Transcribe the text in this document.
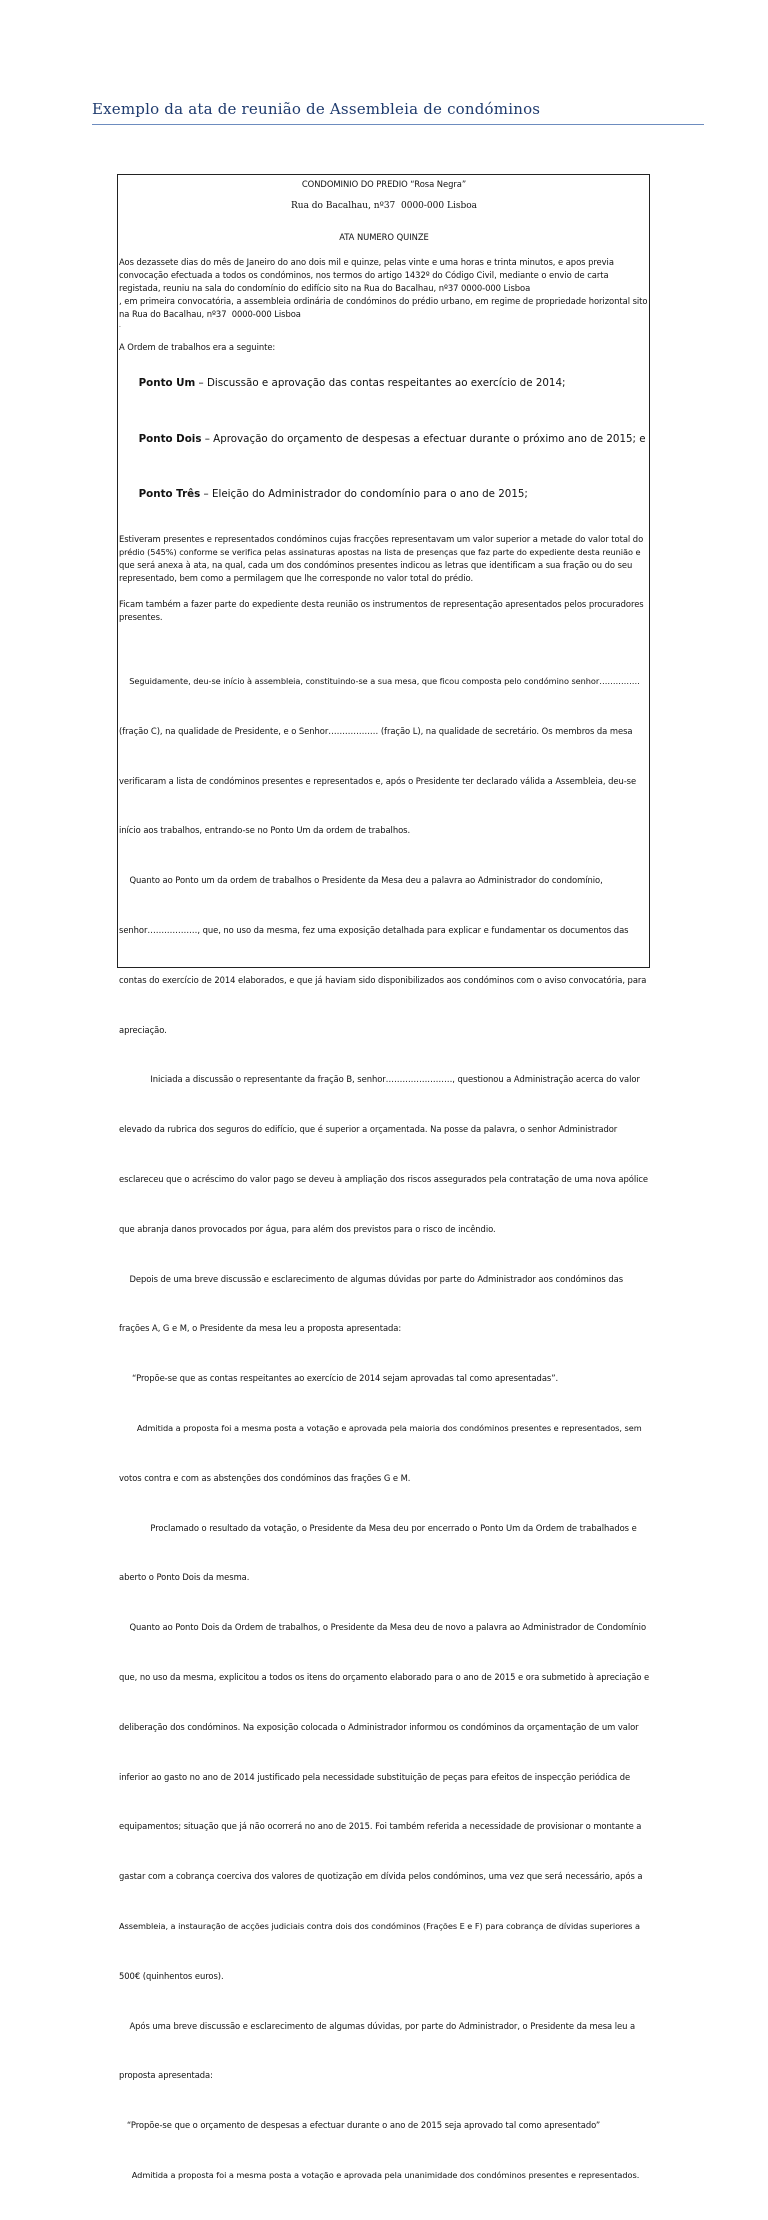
Exemplo da ata de reunião de Assembleia de condóminos

CONDOMINIO DO PREDIO “Rosa Negra”

Rua do Bacalhau, nº37  0000-000 Lisboa

ATA NUMERO QUINZE

Aos dezassete dias do mês de Janeiro do ano dois mil e quinze, pelas vinte e uma horas e trinta minutos, e apos previa

convocação efectuada a todos os condóminos, nos termos do artigo 1432º do Código Civil, mediante o envio de carta

registada, reuniu na sala do condomínio do edifício sito na Rua do Bacalhau, nº37 0000-000 Lisboa

, em primeira convocatória, a assembleia ordinária de condóminos do prédio urbano, em regime de propriedade horizontal sito

na Rua do Bacalhau, nº37  0000-000 Lisboa

.

A Ordem de trabalhos era a seguinte:

Ponto Um – Discussão e aprovação das contas respeitantes ao exercício de 2014;

Ponto Dois – Aprovação do orçamento de despesas a efectuar durante o próximo ano de 2015; e

Ponto Três – Eleição do Administrador do condomínio para o ano de 2015;

Estiveram presentes e representados condóminos cujas fracções representavam um valor superior a metade do valor total do

prédio (545%) conforme se verifica pelas assinaturas apostas na lista de presenças que faz parte do expediente desta reunião e

que será anexa à ata, na qual, cada um dos condóminos presentes indicou as letras que identificam a sua fração ou do seu

representado, bem como a permilagem que lhe corresponde no valor total do prédio.

Ficam também a fazer parte do expediente desta reunião os instrumentos de representação apresentados pelos procuradores

presentes.

Seguidamente, deu-se início à assembleia, constituindo-se a sua mesa, que ficou composta pelo condómino senhor……………

(fração C), na qualidade de Presidente, e o Senhor……………… (fração L), na qualidade de secretário. Os membros da mesa

verificaram a lista de condóminos presentes e representados e, após o Presidente ter declarado válida a Assembleia, deu-se

início aos trabalhos, entrando-se no Ponto Um da ordem de trabalhos.

Quanto ao Ponto um da ordem de trabalhos o Presidente da Mesa deu a palavra ao Administrador do condomínio,

senhor………………, que, no uso da mesma, fez uma exposição detalhada para explicar e fundamentar os documentos das

contas do exercício de 2014 elaborados, e que já haviam sido disponibilizados aos condóminos com o aviso convocatória, para

apreciação.

Iniciada a discussão o representante da fração B, senhor……………………, questionou a Administração acerca do valor

elevado da rubrica dos seguros do edifício, que é superior a orçamentada. Na posse da palavra, o senhor Administrador

esclareceu que o acréscimo do valor pago se deveu à ampliação dos riscos assegurados pela contratação de uma nova apólice

que abranja danos provocados por água, para além dos previstos para o risco de incêndio.

Depois de uma breve discussão e esclarecimento de algumas dúvidas por parte do Administrador aos condóminos das

frações A, G e M, o Presidente da mesa leu a proposta apresentada:

“Propõe-se que as contas respeitantes ao exercício de 2014 sejam aprovadas tal como apresentadas”.

Admitida a proposta foi a mesma posta a votação e aprovada pela maioria dos condóminos presentes e representados, sem

votos contra e com as abstenções dos condóminos das frações G e M.

Proclamado o resultado da votação, o Presidente da Mesa deu por encerrado o Ponto Um da Ordem de trabalhados e

aberto o Ponto Dois da mesma.

Quanto ao Ponto Dois da Ordem de trabalhos, o Presidente da Mesa deu de novo a palavra ao Administrador de Condomínio

que, no uso da mesma, explicitou a todos os itens do orçamento elaborado para o ano de 2015 e ora submetido à apreciação e

deliberação dos condóminos. Na exposição colocada o Administrador informou os condóminos da orçamentação de um valor

inferior ao gasto no ano de 2014 justificado pela necessidade substituição de peças para efeitos de inspecção periódica de

equipamentos; situação que já não ocorrerá no ano de 2015. Foi também referida a necessidade de provisionar o montante a

gastar com a cobrança coerciva dos valores de quotização em dívida pelos condóminos, uma vez que será necessário, após a

Assembleia, a instauração de acções judiciais contra dois dos condóminos (Frações E e F) para cobrança de dívidas superiores a

500€ (quinhentos euros).

Após uma breve discussão e esclarecimento de algumas dúvidas, por parte do Administrador, o Presidente da mesa leu a

proposta apresentada:

“Propõe-se que o orçamento de despesas a efectuar durante o ano de 2015 seja aprovado tal como apresentado”

Admitida a proposta foi a mesma posta a votação e aprovada pela unanimidade dos condóminos presentes e representados.
